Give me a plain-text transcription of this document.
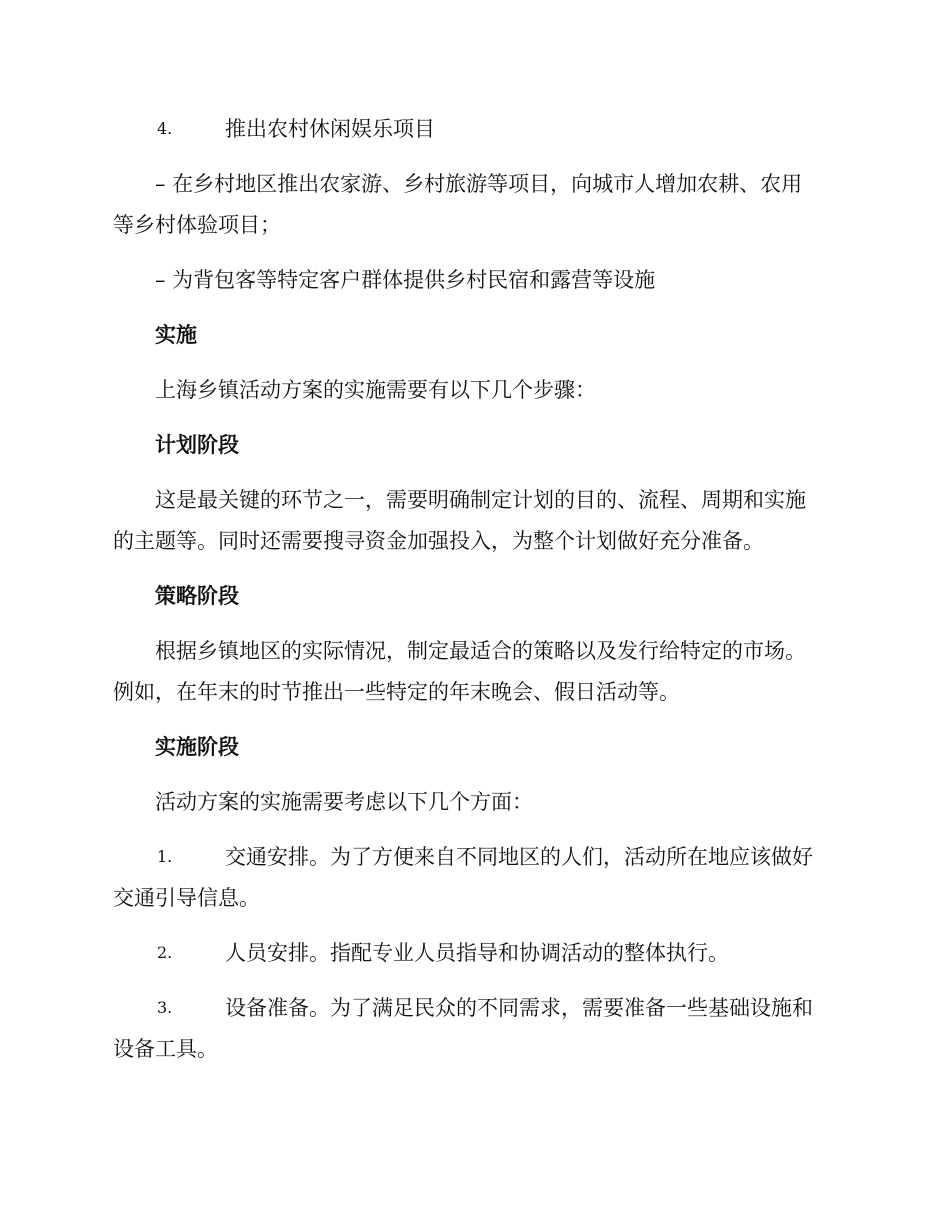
4.	推出农村休闲娱乐项目
– 在乡村地区推出农家游、乡村旅游等项目，向城市人增加农耕、农用
等乡村体验项目；
– 为背包客等特定客户群体提供乡村民宿和露营等设施
实施
上海乡镇活动方案的实施需要有以下几个步骤：
计划阶段
这是最关键的环节之一，需要明确制定计划的目的、流程、周期和实施
的主题等。同时还需要搜寻资金加强投入，为整个计划做好充分准备。
策略阶段
根据乡镇地区的实际情况，制定最适合的策略以及发行给特定的市场。
例如，在年末的时节推出一些特定的年末晚会、假日活动等。
实施阶段
活动方案的实施需要考虑以下几个方面：
1.	交通安排。为了方便来自不同地区的人们，活动所在地应该做好
交通引导信息。
2.	人员安排。指配专业人员指导和协调活动的整体执行。
3.	设备准备。为了满足民众的不同需求，需要准备一些基础设施和
设备工具。
